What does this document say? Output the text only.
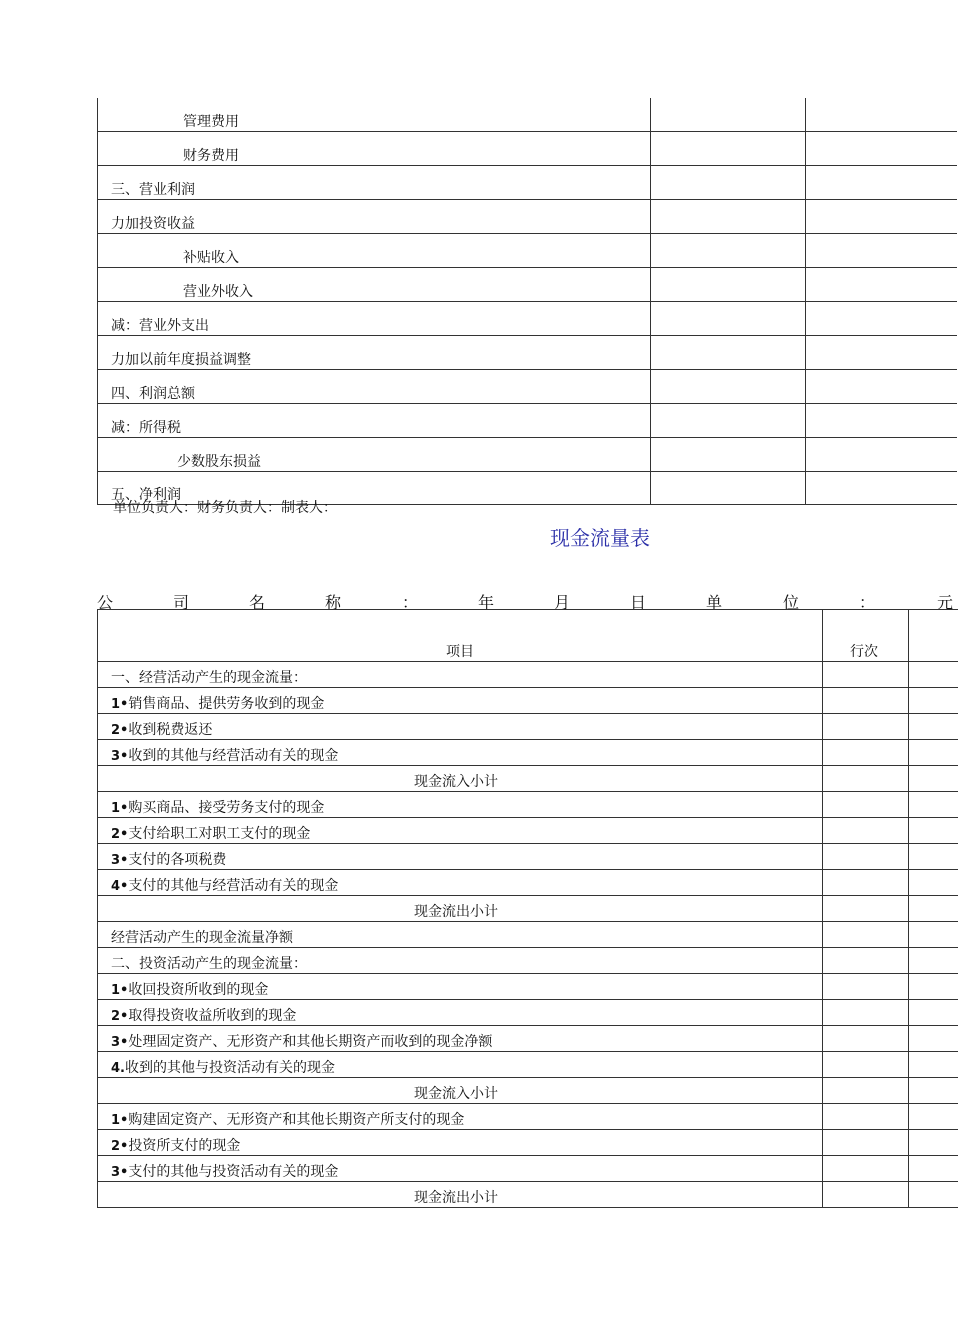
管理费用
财务费用
三、营业利润
力加投资收益
补贴收入
营业外收入
减：营业外支出
力加以前年度损益调整
四、利润总额
减：所得税
少数股东损益
五、净利润
单位负责人：财务负责人：制表人：
现金流量表
公	司	名	称	：	年	月	日	单	位	：	元
项目	行次
一、经营活动产生的现金流量：
1•销售商品、提供劳务收到的现金
2•收到税费返还
3•收到的其他与经营活动有关的现金
现金流入小计
1•购买商品、接受劳务支付的现金
2•支付给职工对职工支付的现金
3•支付的各项税费
4•支付的其他与经营活动有关的现金
现金流出小计
经营活动产生的现金流量净额
二、投资活动产生的现金流量：
1•收回投资所收到的现金
2•取得投资收益所收到的现金
3•处理固定资产、无形资产和其他长期资产而收到的现金净额
4.收到的其他与投资活动有关的现金
现金流入小计
1•购建固定资产、无形资产和其他长期资产所支付的现金
2•投资所支付的现金
3•支付的其他与投资活动有关的现金
现金流出小计
